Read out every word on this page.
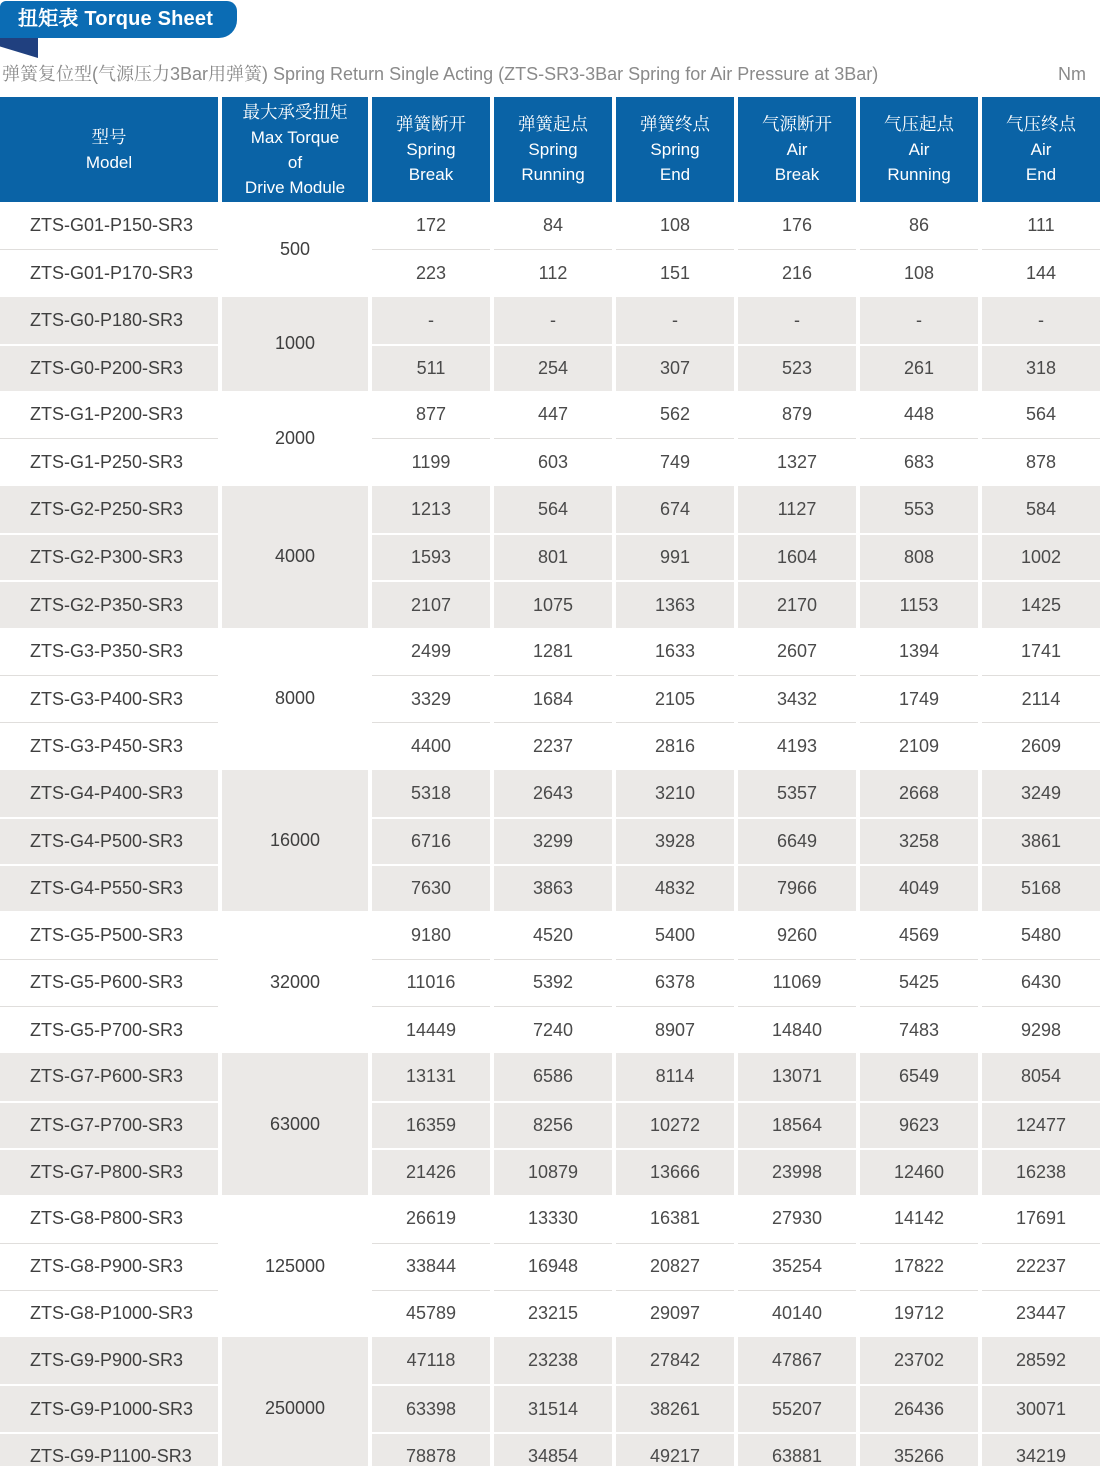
扭矩表 Torque Sheet
弹簧复位型(气源压力3Bar用弹簧) Spring Return Single Acting (ZTS-SR3-3Bar Spring for Air Pressure at 3Bar)	Nm
型号
Model

最大承受扭矩
Max Torque
of
Drive Module

弹簧断开
Spring
Break

弹簧起点
Spring
Running

弹簧终点
Spring
End

气源断开
Air
Break

气压起点
Air
Running

气压终点
Air
End

ZTS-G01-P150-SR3	500	172	84	108	176	86	111
ZTS-G01-P170-SR3		223	112	151	216	108	144
ZTS-G0-P180-SR3	1000	-	-	-	-	-	-
ZTS-G0-P200-SR3		511	254	307	523	261	318
ZTS-G1-P200-SR3	2000	877	447	562	879	448	564
ZTS-G1-P250-SR3		1199	603	749	1327	683	878
ZTS-G2-P250-SR3	4000	1213	564	674	1127	553	584
ZTS-G2-P300-SR3		1593	801	991	1604	808	1002
ZTS-G2-P350-SR3		2107	1075	1363	2170	1153	1425
ZTS-G3-P350-SR3	8000	2499	1281	1633	2607	1394	1741
ZTS-G3-P400-SR3		3329	1684	2105	3432	1749	2114
ZTS-G3-P450-SR3		4400	2237	2816	4193	2109	2609
ZTS-G4-P400-SR3	16000	5318	2643	3210	5357	2668	3249
ZTS-G4-P500-SR3		6716	3299	3928	6649	3258	3861
ZTS-G4-P550-SR3		7630	3863	4832	7966	4049	5168
ZTS-G5-P500-SR3	32000	9180	4520	5400	9260	4569	5480
ZTS-G5-P600-SR3		11016	5392	6378	11069	5425	6430
ZTS-G5-P700-SR3		14449	7240	8907	14840	7483	9298
ZTS-G7-P600-SR3	63000	13131	6586	8114	13071	6549	8054
ZTS-G7-P700-SR3		16359	8256	10272	18564	9623	12477
ZTS-G7-P800-SR3		21426	10879	13666	23998	12460	16238
ZTS-G8-P800-SR3	125000	26619	13330	16381	27930	14142	17691
ZTS-G8-P900-SR3		33844	16948	20827	35254	17822	22237
ZTS-G8-P1000-SR3		45789	23215	29097	40140	19712	23447
ZTS-G9-P900-SR3	250000	47118	23238	27842	47867	23702	28592
ZTS-G9-P1000-SR3		63398	31514	38261	55207	26436	30071
ZTS-G9-P1100-SR3		78878	34854	49217	63881	35266	34219
